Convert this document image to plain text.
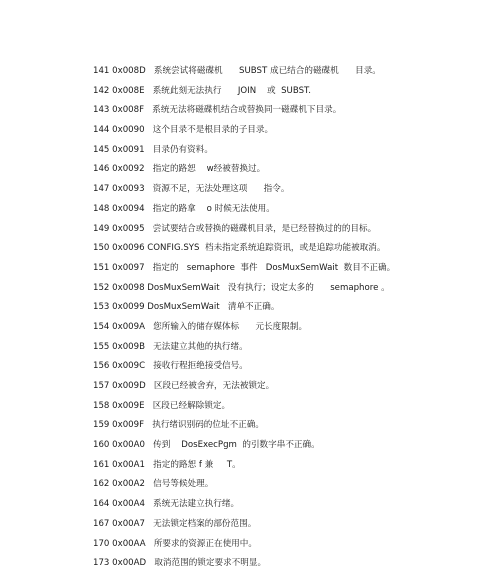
141 0x008D   系统尝试将磁碟机      SUBST 成已结合的磁碟机      目录。
142 0x008E   系统此刻无法执行      JOIN    或  SUBST.
143 0x008F   系统无法将磁碟机结合或替换同一磁碟机下目录。
144 0x0090   这个目录不是根目录的子目录。
145 0x0091   目录仍有资料。
146 0x0092   指定的路恕    w经被替换过。
147 0x0093   资源不足，无法处理这项      指令。
148 0x0094   指定的路拿    o 时候无法使用。
149 0x0095   尝试要结合或替换的磁碟机目录，是已经替换过的的目标。
150 0x0096 CONFIG.SYS  档未指定系统追踪资讯，或是追踪功能被取消。
151 0x0097   指定的   semaphore  事件   DosMuxSemWait  数目不正确。
152 0x0098 DosMuxSemWait   没有执行；设定太多的      semaphore 。
153 0x0099 DosMuxSemWait   清单不正确。
154 0x009A   您所输入的储存媒体标      元长度限制。
155 0x009B   无法建立其他的执行绪。
156 0x009C   接收行程拒绝接受信号。
157 0x009D   区段已经被舍弃，无法被锁定。
158 0x009E   区段已经解除锁定。
159 0x009F   执行绪识别码的位址不正确。
160 0x00A0   传到    DosExecPgm  的引数字串不正确。
161 0x00A1   指定的路恕 f 兼     T。
162 0x00A2   信号等候处理。
164 0x00A4   系统无法建立执行绪。
167 0x00A7   无法锁定档案的部份范围。
170 0x00AA   所要求的资源正在使用中。
173 0x00AD   取消范围的锁定要求不明显。
